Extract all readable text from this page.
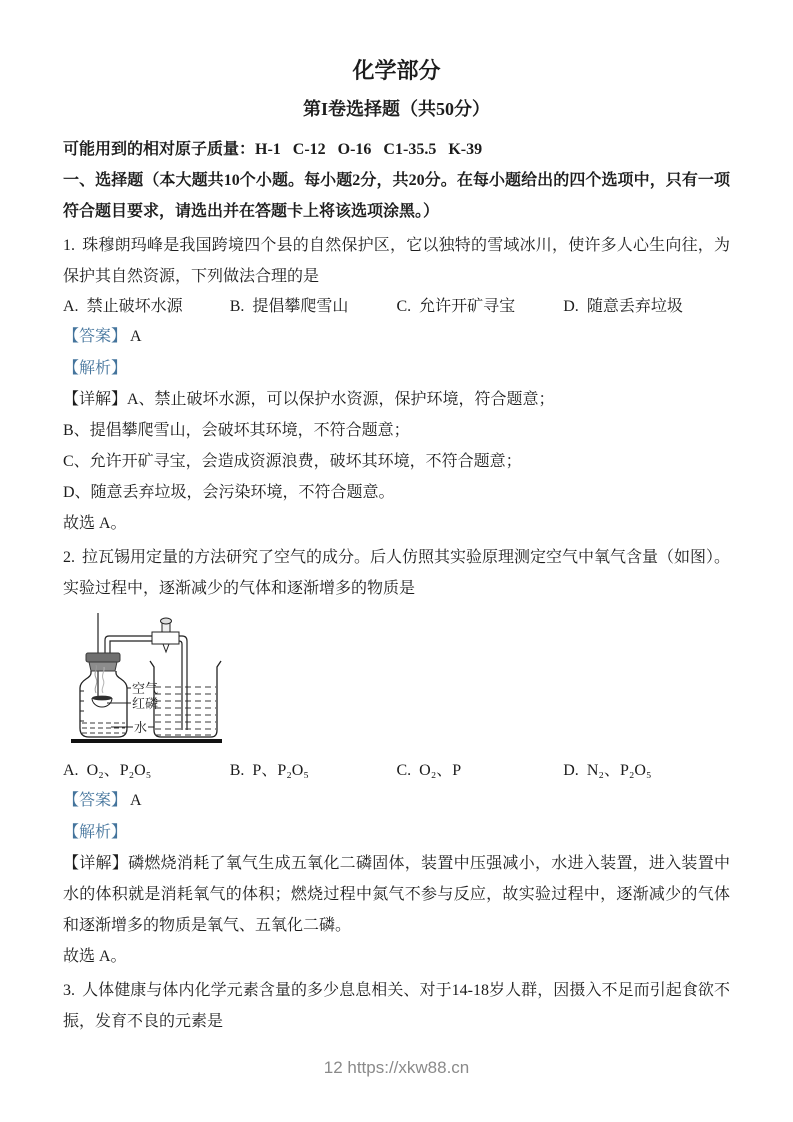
化学部分
第I卷选择题（共50分）

可能用到的相对原子质量：H-1   C-12   O-16   C1-35.5   K-39

一、选择题（本大题共10个小题。每小题2分，共20分。在每小题给出的四个选项中，只有一项符合题目要求，请选出并在答题卡上将该选项涂黑。）

1. 珠穆朗玛峰是我国跨境四个县的自然保护区，它以独特的雪域冰川，使许多人心生向往，为保护其自然资源，下列做法合理的是

A. 禁止破坏水源	B. 提倡攀爬雪山	C. 允许开矿寻宝	D. 随意丢弃垃圾

【答案】 A

【解析】

【详解】A、禁止破坏水源，可以保护水资源，保护环境，符合题意；

B、提倡攀爬雪山，会破坏其环境，不符合题意；

C、允许开矿寻宝，会造成资源浪费，破坏其环境，不符合题意；

D、随意丢弃垃圾，会污染环境，不符合题意。

故选 A。

2. 拉瓦锡用定量的方法研究了空气的成分。后人仿照其实验原理测定空气中氧气含量（如图）。实验过程中，逐渐减少的气体和逐渐增多的物质是

空气
红磷
水
A. O₂、P₂O₅	B. P、P₂O₅	C. O₂、P	D. N₂、P₂O₅

【答案】 A

【解析】

【详解】磷燃烧消耗了氧气生成五氧化二磷固体，装置中压强减小，水进入装置，进入装置中水的体积就是消耗氧气的体积；燃烧过程中氮气不参与反应，故实验过程中，逐渐减少的气体和逐渐增多的物质是氧气、五氧化二磷。

故选 A。

3. 人体健康与体内化学元素含量的多少息息相关、对于14-18岁人群，因摄入不足而引起食欲不振，发育不良的元素是

12 https://xkw88.cn
